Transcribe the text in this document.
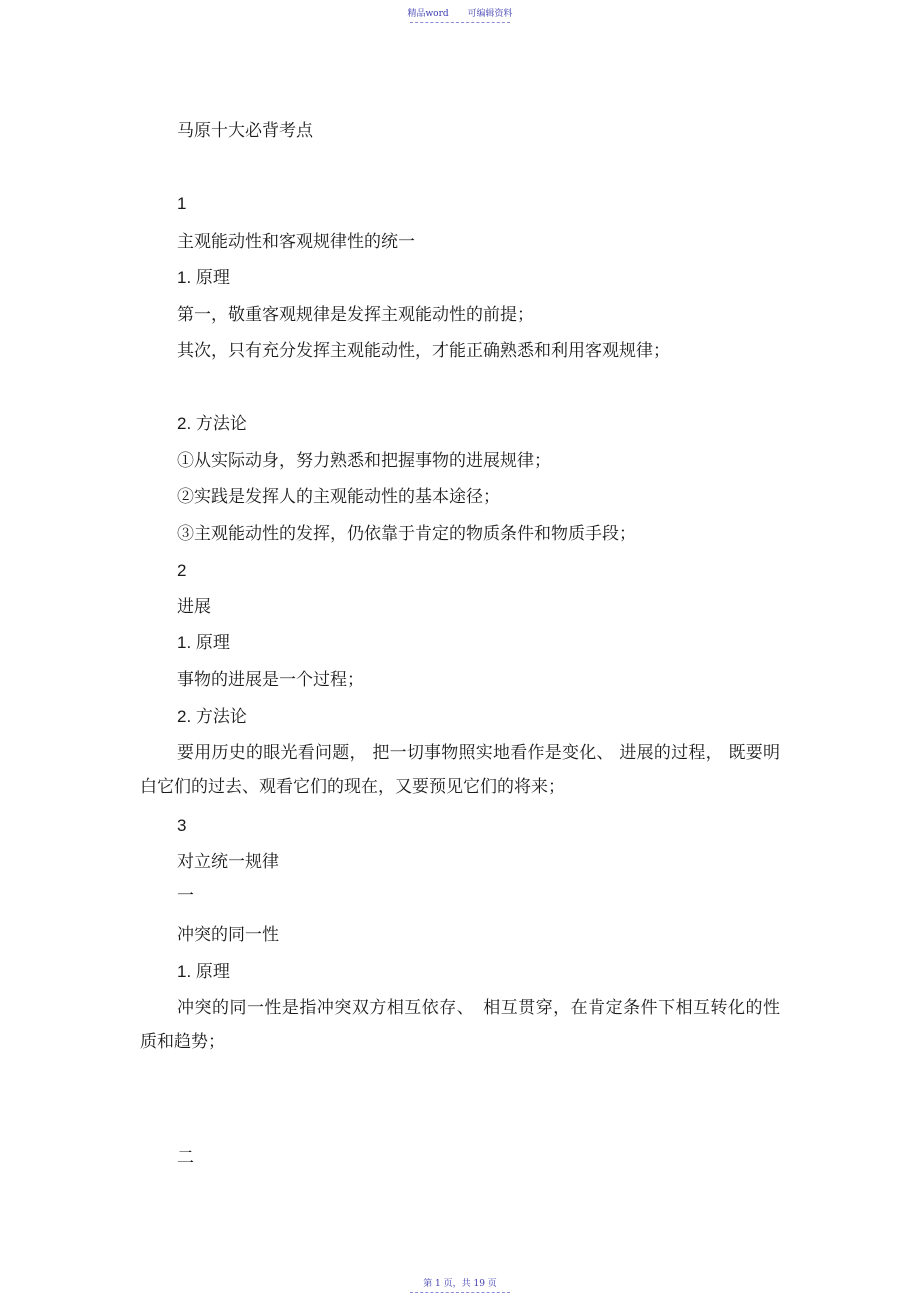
精品word 可编辑资料
马原十大必背考点
1
主观能动性和客观规律性的统一
1. 原理
第一，敬重客观规律是发挥主观能动性的前提；
其次，只有充分发挥主观能动性，才能正确熟悉和利用客观规律；
2. 方法论
①从实际动身，努力熟悉和把握事物的进展规律；
②实践是发挥人的主观能动性的基本途径；
③主观能动性的发挥，仍依靠于肯定的物质条件和物质手段；
2
进展
1. 原理
事物的进展是一个过程；
2. 方法论
要用历史的眼光看问题， 把一切事物照实地看作是变化、 进展的过程， 既要明白它们的过去、观看它们的现在，又要预见它们的将来；
3
对立统一规律
一
冲突的同一性
1. 原理
冲突的同一性是指冲突双方相互依存、　相互贯穿，在肯定条件下相互转化的性质和趋势；
二
第 1 页，共 19 页
